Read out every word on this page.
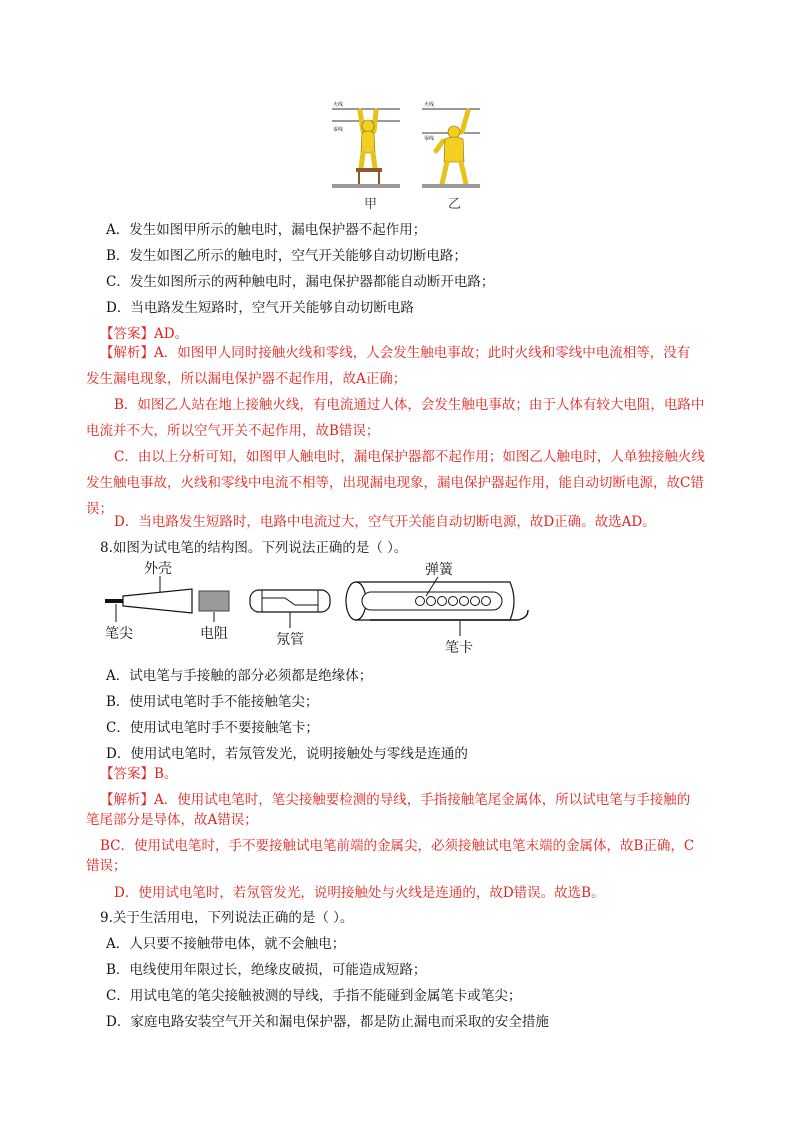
火线
零线
甲
火线
零线
乙
A．发生如图甲所示的触电时，漏电保护器不起作用；
B．发生如图乙所示的触电时，空气开关能够自动切断电路；
C．发生如图所示的两种触电时，漏电保护器都能自动断开电路；
D．当电路发生短路时，空气开关能够自动切断电路
【答案】AD。
【解析】A．如图甲人同时接触火线和零线，人会发生触电事故；此时火线和零线中电流相等，没有
发生漏电现象，所以漏电保护器不起作用，故A正确；
B．如图乙人站在地上接触火线，有电流通过人体，会发生触电事故；由于人体有较大电阻，电路中
电流并不大，所以空气开关不起作用，故B错误；
C．由以上分析可知，如图甲人触电时，漏电保护器都不起作用；如图乙人触电时，人单独接触火线
发生触电事故，火线和零线中电流不相等，出现漏电现象，漏电保护器起作用，能自动切断电源，故C错
误；
D．当电路发生短路时，电路中电流过大，空气开关能自动切断电源，故D正确。故选AD。
8.如图为试电笔的结构图。下列说法正确的是（ ）。
外壳
笔尖	电阻	氖管
弹簧
笔卡
A．试电笔与手接触的部分必须都是绝缘体；
B．使用试电笔时手不能接触笔尖；
C．使用试电笔时手不要接触笔卡；
D．使用试电笔时，若氖管发光，说明接触处与零线是连通的
【答案】B。
【解析】A．使用试电笔时，笔尖接触要检测的导线，手指接触笔尾金属体，所以试电笔与手接触的
笔尾部分是导体，故A错误；
BC．使用试电笔时，手不要接触试电笔前端的金属尖，必须接触试电笔末端的金属体，故B正确，C
错误；
D．使用试电笔时，若氖管发光，说明接触处与火线是连通的，故D错误。故选B。
9.关于生活用电，下列说法正确的是（ ）。
A．人只要不接触带电体，就不会触电；
B．电线使用年限过长，绝缘皮破损，可能造成短路；
C．用试电笔的笔尖接触被测的导线，手指不能碰到金属笔卡或笔尖；
D．家庭电路安装空气开关和漏电保护器，都是防止漏电而采取的安全措施
